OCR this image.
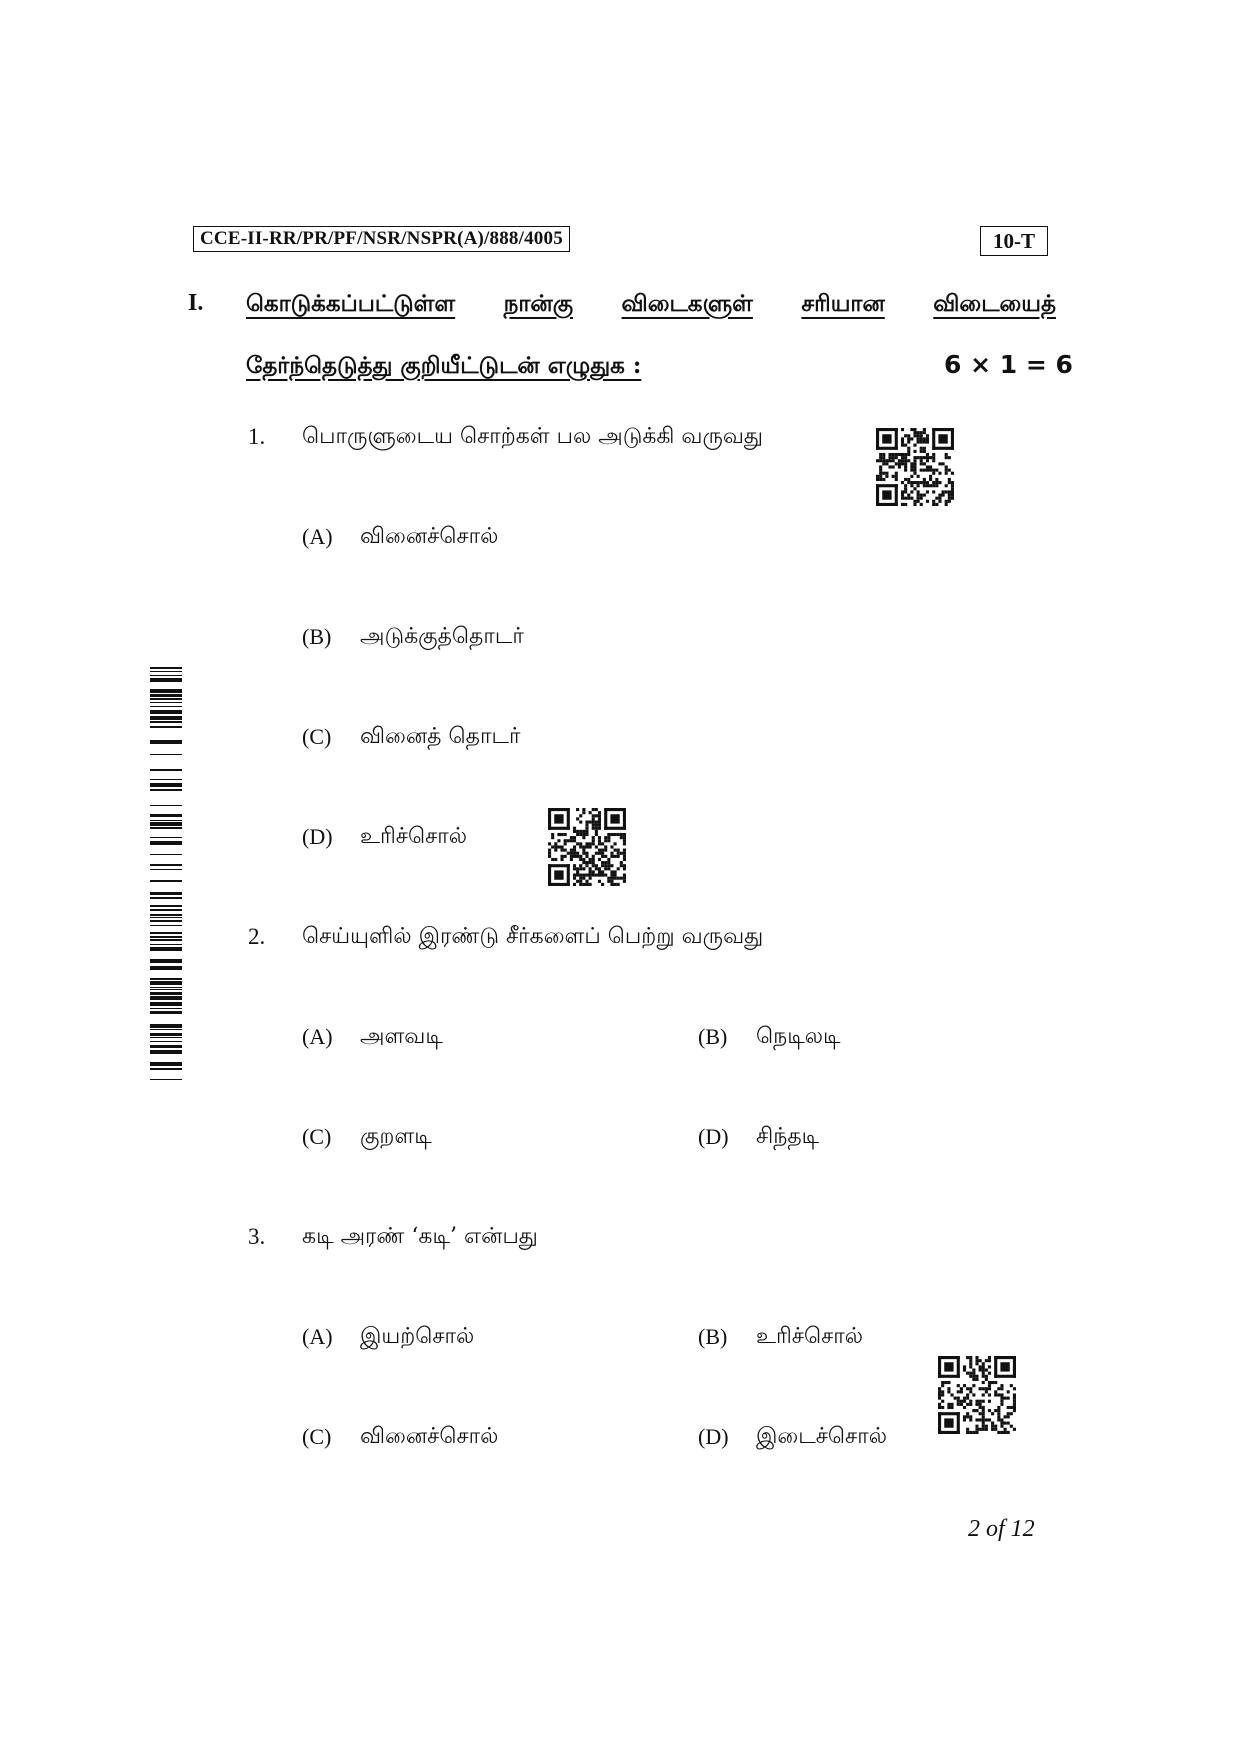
CCE-II-RR/PR/PF/NSR/NSPR(A)/888/4005	10-T
I. கொடுக்கப்பட்டுள்ள நான்கு விடைகளுள் சரியான விடையைத்
தேர்ந்தெடுத்து குறியீட்டுடன் எழுதுக :	6 × 1 = 6
1. பொருளுடைய சொற்கள் பல அடுக்கி வருவது
(A) வினைச்சொல்
(B) அடுக்குத்தொடர்
(C) வினைத் தொடர்
(D) உரிச்சொல்
2. செய்யுளில் இரண்டு சீர்களைப் பெற்று வருவது
(A) அளவடி	(B) நெடிலடி
(C) குறளடி	(D) சிந்தடி
3. கடி அரண் ‘கடி’ என்பது
(A) இயற்சொல்	(B) உரிச்சொல்
(C) வினைச்சொல்	(D) இடைச்சொல்
2 of 12
